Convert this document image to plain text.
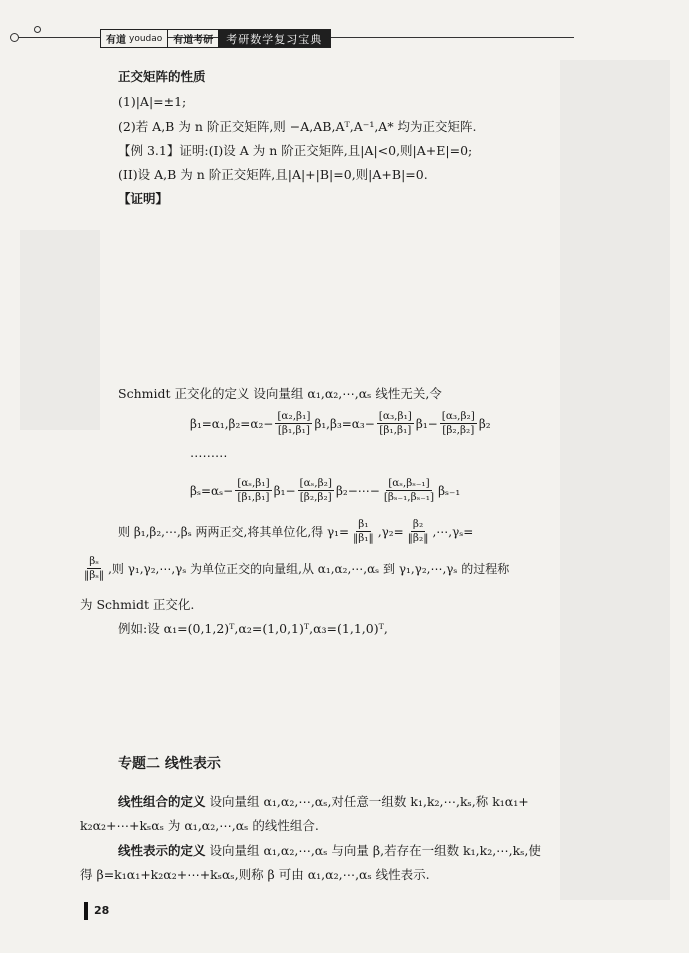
有道 youdao	有道考研	考研数学复习宝典
正交矩阵的性质
(1)|A|=±1;
(2)若 A,B 为 n 阶正交矩阵,则 −A,AB,Aᵀ,A⁻¹,A* 均为正交矩阵.
【例 3.1】证明:(I)设 A 为 n 阶正交矩阵,且|A|<0,则|A+E|=0;
(II)设 A,B 为 n 阶正交矩阵,且|A|+|B|=0,则|A+B|=0.
【证明】
Schmidt 正交化的定义 设向量组 α₁,α₂,⋯,αₛ 线性无关,令
$\beta_1=\alpha_1,\beta_2=\alpha_2- \frac{\text{[α₂,β₁]}}{\text{[β₁,β₁]}} \beta_1,\beta_3=\alpha_3- \frac{\text{[α₃,β₁]}}{\text{[β₁,β₁]}} \beta_1- \frac{\text{[α₃,β₂]}}{\text{[β₂,β₂]}} \beta_2$
⋯⋯⋯
$\beta_s=\alpha_s- \frac{\text{[αₛ,β₁]}}{\text{[β₁,β₁]}} \beta_1- \frac{\text{[αₛ,β₂]}}{\text{[β₂,β₂]}}$ β₂−⋯− $\frac{\text{[αₛ,βₛ₋₁]}}{\text{[βₛ₋₁,βₛ₋₁]}} \beta_{s-1}$
则 β₁,β₂,⋯,βₛ 两两正交,将其单位化,得 $\gamma_1= \frac{\text{β₁}}{\text{‖β₁‖}} ,\gamma_2= \frac{\text{β₂}}{\text{‖β₂‖}}$ ,⋯,γₛ=
$\frac{\text{βₛ}}{\text{‖βₛ‖}}$ ,则 γ₁,γ₂,⋯,γₛ 为单位正交的向量组,从 α₁,α₂,⋯,αₛ 到 γ₁,γ₂,⋯,γₛ 的过程称
为 Schmidt 正交化.
例如:设 α₁=(0,1,2)ᵀ,α₂=(1,0,1)ᵀ,α₃=(1,1,0)ᵀ,
专题二 线性表示
线性组合的定义 设向量组 α₁,α₂,⋯,αₛ,对任意一组数 k₁,k₂,⋯,kₛ,称 k₁α₁+
k₂α₂+⋯+kₛαₛ 为 α₁,α₂,⋯,αₛ 的线性组合.
线性表示的定义 设向量组 α₁,α₂,⋯,αₛ 与向量 β,若存在一组数 k₁,k₂,⋯,kₛ,使
得 β=k₁α₁+k₂α₂+⋯+kₛαₛ,则称 β 可由 α₁,α₂,⋯,αₛ 线性表示.
28
